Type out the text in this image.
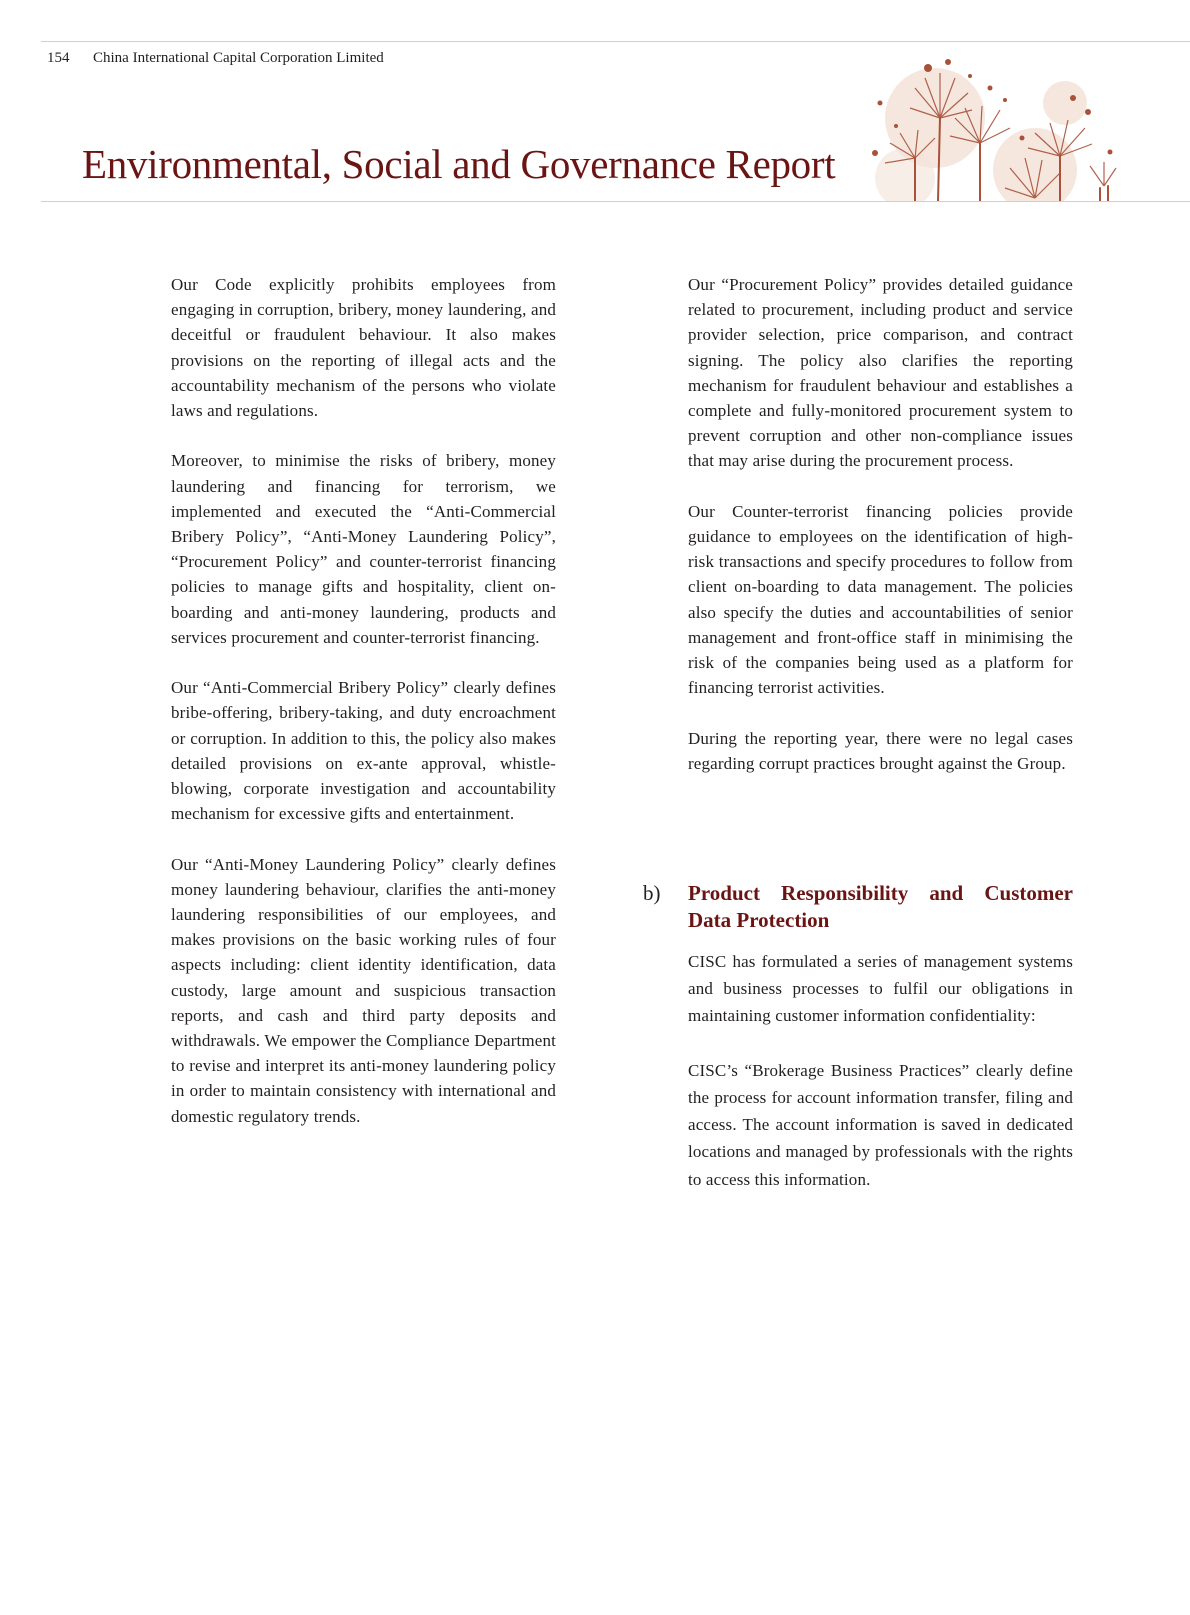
154 China International Capital Corporation Limited
Environmental, Social and Governance Report

Our Code explicitly prohibits employees from engaging in corruption, bribery, money laundering, and deceitful or fraudulent behaviour. It also makes provisions on the reporting of illegal acts and the accountability mechanism of the persons who violate laws and regulations.

Moreover, to minimise the risks of bribery, money laundering and financing for terrorism, we implemented and executed the “Anti-Commercial Bribery Policy”, “Anti-Money Laundering Policy”, “Procurement Policy” and counter-terrorist financing policies to manage gifts and hospitality, client on-boarding and anti-money laundering, products and services procurement and counter-terrorist financing.

Our “Anti-Commercial Bribery Policy” clearly defines bribe-offering, bribery-taking, and duty encroachment or corruption. In addition to this, the policy also makes detailed provisions on ex-ante approval, whistle-blowing, corporate investigation and accountability mechanism for excessive gifts and entertainment.

Our “Anti-Money Laundering Policy” clearly defines money laundering behaviour, clarifies the anti-money laundering responsibilities of our employees, and makes provisions on the basic working rules of four aspects including: client identity identification, data custody, large amount and suspicious transaction reports, and cash and third party deposits and withdrawals. We empower the Compliance Department to revise and interpret its anti-money laundering policy in order to maintain consistency with international and domestic regulatory trends.

Our “Procurement Policy” provides detailed guidance related to procurement, including product and service provider selection, price comparison, and contract signing. The policy also clarifies the reporting mechanism for fraudulent behaviour and establishes a complete and fully-monitored procurement system to prevent corruption and other non-compliance issues that may arise during the procurement process.

Our Counter-terrorist financing policies provide guidance to employees on the identification of high-risk transactions and specify procedures to follow from client on-boarding to data management. The policies also specify the duties and accountabilities of senior management and front-office staff in minimising the risk of the companies being used as a platform for financing terrorist activities.

During the reporting year, there were no legal cases regarding corrupt practices brought against the Group.

b) Product Responsibility and Customer Data Protection

CISC has formulated a series of management systems and business processes to fulfil our obligations in maintaining customer information confidentiality:

CISC’s “Brokerage Business Practices” clearly define the process for account information transfer, filing and access. The account information is saved in dedicated locations and managed by professionals with the rights to access this information.
